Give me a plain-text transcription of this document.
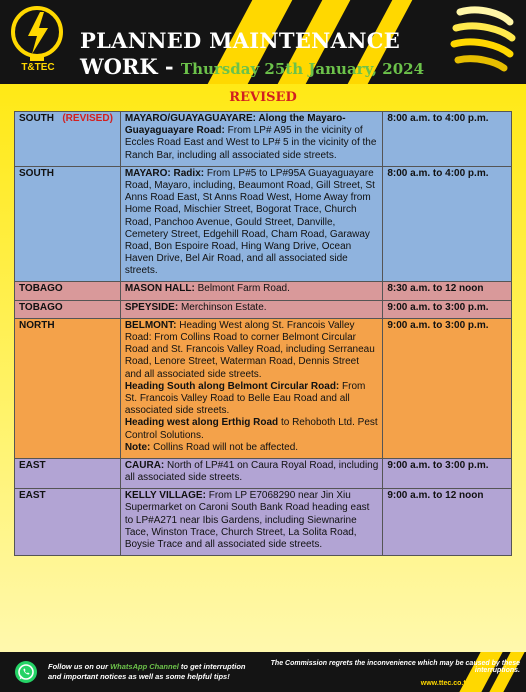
T&TEC
PLANNED MAINTENANCE
WORK - Thursday 25th January, 2024
REVISED
SOUTH (REVISED)	MAYARO/GUAYAGUAYARE: Along the Mayaro-Guayaguayare Road: From LP# A95 in the vicinity of Eccles Road East and West to LP# 5 in the vicinity of the Ranch Bar, including all associated side streets.	8:00 a.m. to 4:00 p.m.
SOUTH	MAYARO: Radix: From LP#5 to LP#95A Guayaguayare Road, Mayaro, including, Beaumont Road, Gill Street, St Anns Road East, St Anns Road West, Home Away from Home Road, Mischier Street, Bogorat Trace, Church Road, Panchoo Avenue, Gould Street, Danville, Cemetery Street, Edgehill Road, Cham Road, Garaway Road, Bon Espoire Road, Hing Wang Drive, Ocean Haven Drive, Bel Air Road, and all associated side streets.	8:00 a.m. to 4:00 p.m.
TOBAGO	MASON HALL: Belmont Farm Road.	8:30 a.m. to 12 noon
TOBAGO	SPEYSIDE: Merchinson Estate.	9:00 a.m. to 3:00 p.m.
NORTH	BELMONT: Heading West along St. Francois Valley Road: From Collins Road to corner Belmont Circular Road and St. Francois Valley Road, including Serraneau Road, Lenore Street, Waterman Road, Dennis Street and all associated side streets.
Heading South along Belmont Circular Road: From St. Francois Valley Road to Belle Eau Road and all associated side streets.
Heading west along Erthig Road to Rehoboth Ltd. Pest Control Solutions.
Note: Collins Road will not be affected.	9:00 a.m. to 3:00 p.m.
EAST	CAURA: North of LP#41 on Caura Royal Road, including all associated side streets.	9:00 a.m. to 3:00 p.m.
EAST	KELLY VILLAGE: From LP E7068290 near Jin Xiu Supermarket on Caroni South Bank Road heading east to LP#A271 near Ibis Gardens, including Siewnarine Tace, Winston Trace, Church Street, La Solita Road, Boysie Trace and all associated side streets.	9:00 a.m. to 12 noon
Follow us on our WhatsApp Channel to get interruption and important notices as well as some helpful tips!
The Commission regrets the inconvenience which may be caused by these interruptions.
www.ttec.co.tt
